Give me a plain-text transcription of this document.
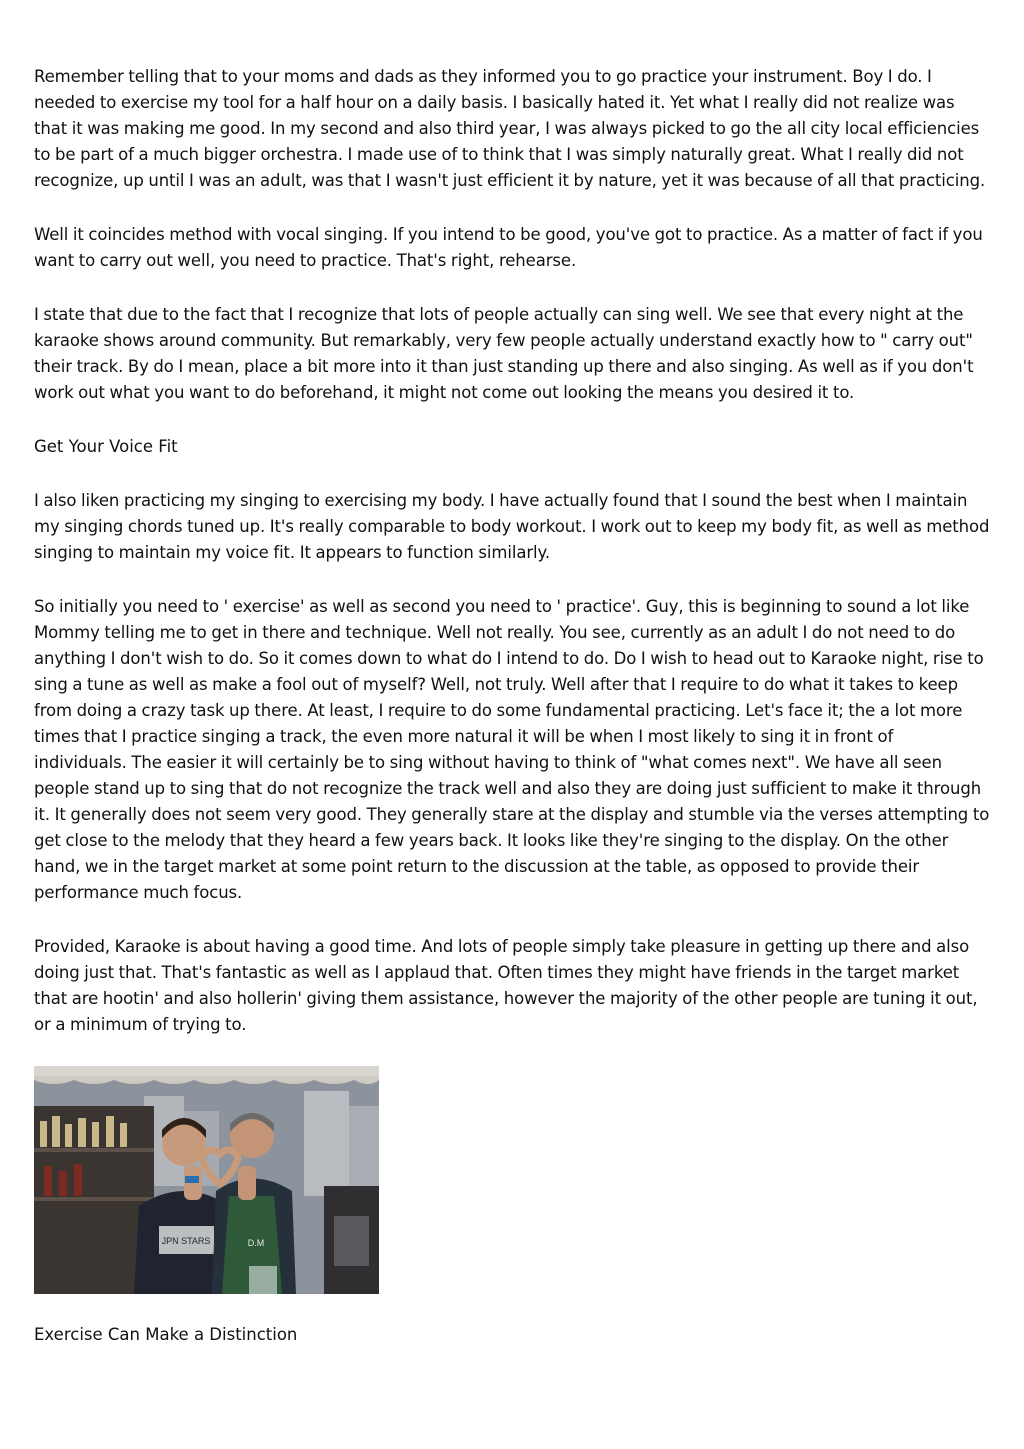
Remember telling that to your moms and dads as they informed you to go practice your instrument. Boy I do. I needed to exercise my tool for a half hour on a daily basis. I basically hated it. Yet what I really did not realize was that it was making me good. In my second and also third year, I was always picked to go the all city local efficiencies to be part of a much bigger orchestra. I made use of to think that I was simply naturally great. What I really did not recognize, up until I was an adult, was that I wasn't just efficient it by nature, yet it was because of all that practicing.

Well it coincides method with vocal singing. If you intend to be good, you've got to practice. As a matter of fact if you want to carry out well, you need to practice. That's right, rehearse.

I state that due to the fact that I recognize that lots of people actually can sing well. We see that every night at the karaoke shows around community. But remarkably, very few people actually understand exactly how to " carry out" their track. By do I mean, place a bit more into it than just standing up there and also singing. As well as if you don't work out what you want to do beforehand, it might not come out looking the means you desired it to.

Get Your Voice Fit

I also liken practicing my singing to exercising my body. I have actually found that I sound the best when I maintain my singing chords tuned up. It's really comparable to body workout. I work out to keep my body fit, as well as method singing to maintain my voice fit. It appears to function similarly.

So initially you need to ' exercise' as well as second you need to ' practice'. Guy, this is beginning to sound a lot like Mommy telling me to get in there and technique. Well not really. You see, currently as an adult I do not need to do anything I don't wish to do. So it comes down to what do I intend to do. Do I wish to head out to Karaoke night, rise to sing a tune as well as make a fool out of myself? Well, not truly. Well after that I require to do what it takes to keep from doing a crazy task up there. At least, I require to do some fundamental practicing. Let's face it; the a lot more times that I practice singing a track, the even more natural it will be when I most likely to sing it in front of individuals. The easier it will certainly be to sing without having to think of "what comes next". We have all seen people stand up to sing that do not recognize the track well and also they are doing just sufficient to make it through it. It generally does not seem very good. They generally stare at the display and stumble via the verses attempting to get close to the melody that they heard a few years back. It looks like they're singing to the display. On the other hand, we in the target market at some point return to the discussion at the table, as opposed to provide their performance much focus.

Provided, Karaoke is about having a good time. And lots of people simply take pleasure in getting up there and also doing just that. That's fantastic as well as I applaud that. Often times they might have friends in the target market that are hootin' and also hollerin' giving them assistance, however the majority of the other people are tuning it out, or a minimum of trying to.

JPN STARS	D.M
Exercise Can Make a Distinction
